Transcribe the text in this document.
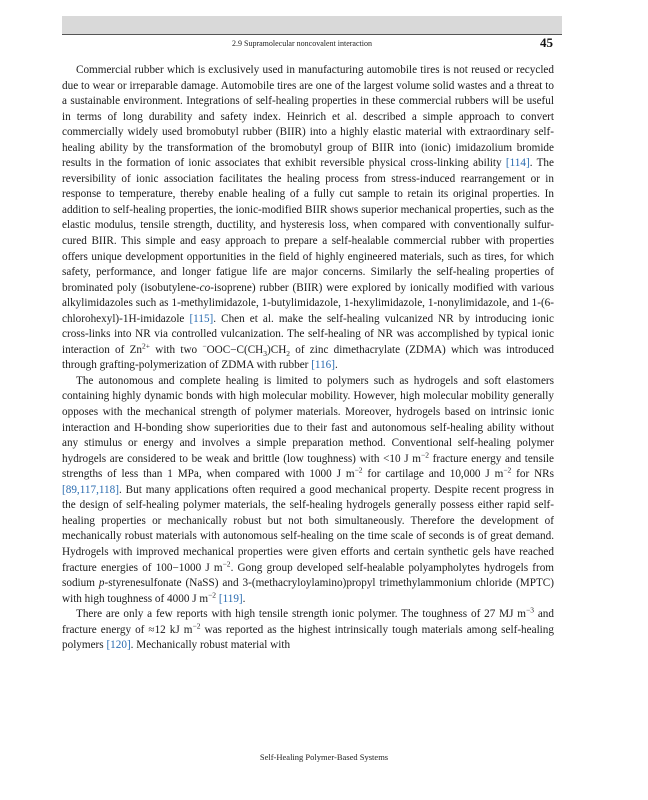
2.9 Supramolecular noncovalent interaction	45

Commercial rubber which is exclusively used in manufacturing automobile tires is not reused or recycled due to wear or irreparable damage. Automobile tires are one of the largest volume solid wastes and a threat to a sustainable environment. Integrations of self-healing properties in these commercial rubbers will be useful in terms of long durability and safety index. Heinrich et al. described a simple approach to convert commercially widely used bromobutyl rubber (BIIR) into a highly elastic material with extraordinary self-healing ability by the transformation of the bromobutyl group of BIIR into (ionic) imidazolium bromide results in the formation of ionic associates that exhibit reversible physical cross-linking ability [114]. The reversibility of ionic association facilitates the healing process from stress-induced rearrangement or in response to temperature, thereby enable healing of a fully cut sample to retain its original properties. In addition to self-healing properties, the ionic-modified BIIR shows superior mechanical properties, such as the elastic modulus, tensile strength, ductility, and hysteresis loss, when compared with conventionally sulfur-cured BIIR. This simple and easy approach to prepare a self-healable commercial rubber with properties offers unique development opportunities in the field of highly engineered materials, such as tires, for which safety, performance, and longer fatigue life are major concerns. Similarly the self-healing properties of brominated poly (isobutylene-co-isoprene) rubber (BIIR) were explored by ionically modified with various alkylimidazoles such as 1-methylimidazole, 1-butylimidazole, 1-hexylimidazole, 1-nonylimidazole, and 1-(6-chlorohexyl)-1H-imidazole [115]. Chen et al. make the self-healing vulcanized NR by introducing ionic cross-links into NR via controlled vulcanization. The self-healing of NR was accomplished by typical ionic interaction of $Zn^{2+}$ with two $^-OOC-C(CH_3)CH_2$ of zinc dimethacrylate (ZDMA) which was introduced through grafting-polymerization of ZDMA with rubber [116].

The autonomous and complete healing is limited to polymers such as hydrogels and soft elastomers containing highly dynamic bonds with high molecular mobility. However, high molecular mobility generally opposes with the mechanical strength of polymer materials. Moreover, hydrogels based on intrinsic ionic interaction and H-bonding show superiorities due to their fast and autonomous self-healing ability without any stimulus or energy and involves a simple preparation method. Conventional self-healing polymer hydrogels are considered to be weak and brittle (low toughness) with <10 J $m^{-2}$ fracture energy and tensile strengths of less than 1 MPa, when compared with 1000 J $m^{-2}$ for cartilage and 10,000 J $m^{-2}$ for NRs [89,117,118]. But many applications often required a good mechanical property. Despite recent progress in the design of self-healing polymer materials, the self-healing hydrogels generally possess either rapid self-healing properties or mechanically robust but not both simultaneously. Therefore the development of mechanically robust materials with autonomous self-healing on the time scale of seconds is of great demand. Hydrogels with improved mechanical properties were given efforts and certain synthetic gels have reached fracture energies of 100−1000 J $m^{-2}$. Gong group developed self-healable polyampholytes hydrogels from sodium p-styrenesulfonate (NaSS) and 3-(methacryloylamino)propyl trimethylammonium chloride (MPTC) with high toughness of 4000 J $m^{-2}$ [119].

There are only a few reports with high tensile strength ionic polymer. The toughness of 27 MJ $m^{-3}$ and fracture energy of ≈12 kJ $m^{-2}$ was reported as the highest intrinsically tough materials among self-healing polymers [120]. Mechanically robust material with

Self-Healing Polymer-Based Systems
